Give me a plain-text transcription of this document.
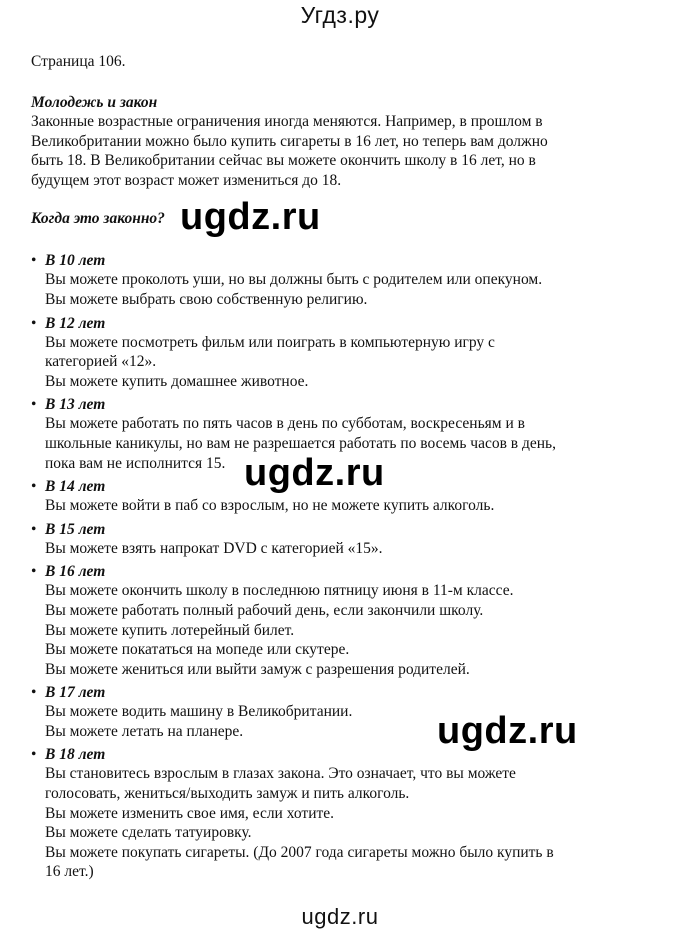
Угдз.ру
Страница 106.
Молодежь и закон
Законные возрастные ограничения иногда меняются. Например, в прошлом в
Великобритании можно было купить сигареты в 16 лет, но теперь вам должно
быть 18. В Великобритании сейчас вы можете окончить школу в 16 лет, но в
будущем этот возраст может измениться до 18.
Когда это законно?
• В 10 лет
Вы можете проколоть уши, но вы должны быть с родителем или опекуном.
Вы можете выбрать свою собственную религию.
• В 12 лет
Вы можете посмотреть фильм или поиграть в компьютерную игру с
категорией «12».
Вы можете купить домашнее животное.
• В 13 лет
Вы можете работать по пять часов в день по субботам, воскресеньям и в
школьные каникулы, но вам не разрешается работать по восемь часов в день,
пока вам не исполнится 15.
• В 14 лет
Вы можете войти в паб со взрослым, но не можете купить алкоголь.
• В 15 лет
Вы можете взять напрокат DVD с категорией «15».
• В 16 лет
Вы можете окончить школу в последнюю пятницу июня в 11-м классе.
Вы можете работать полный рабочий день, если закончили школу.
Вы можете купить лотерейный билет.
Вы можете покататься на мопеде или скутере.
Вы можете жениться или выйти замуж с разрешения родителей.
• В 17 лет
Вы можете водить машину в Великобритании.
Вы можете летать на планере.
• В 18 лет
Вы становитесь взрослым в глазах закона. Это означает, что вы можете
голосовать, жениться/выходить замуж и пить алкоголь.
Вы можете изменить свое имя, если хотите.
Вы можете сделать татуировку.
Вы можете покупать сигареты. (До 2007 года сигареты можно было купить в
16 лет.)
ugdz.ru
ugdz.ru
ugdz.ru
ugdz.ru
